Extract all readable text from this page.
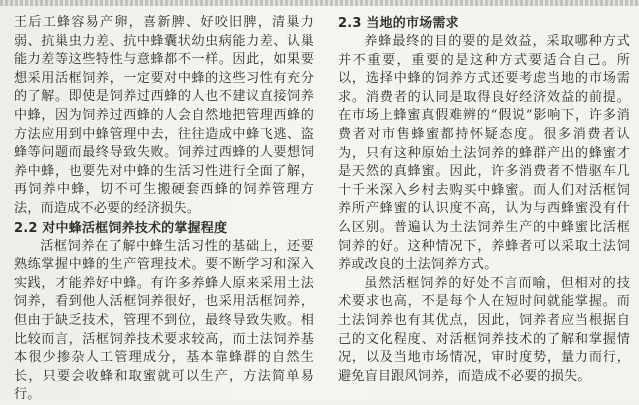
王后工蜂容易产卵，喜新脾、好咬旧脾，清巢力弱、抗巢虫力差、抗中蜂囊状幼虫病能力差、认巢能力差等这些特性与意蜂都不一样。因此，如果要想采用活框饲养，一定要对中蜂的这些习性有充分的了解。即使是饲养过西蜂的人也不建议直接饲养中蜂，因为饲养过西蜂的人会自然地把管理西蜂的方法应用到中蜂管理中去，往往造成中蜂飞逃、盗蜂等问题而最终导致失败。饲养过西蜂的人要想饲养中蜂，也要先对中蜂的生活习性进行全面了解，再饲养中蜂，切不可生搬硬套西蜂的饲养管理方法，而造成不必要的经济损失。

2.2 对中蜂活框饲养技术的掌握程度

活框饲养在了解中蜂生活习性的基础上，还要熟练掌握中蜂的生产管理技术。要不断学习和深入实践，才能养好中蜂。有许多养蜂人原来采用土法饲养，看到他人活框饲养很好，也采用活框饲养，但由于缺乏技术，管理不到位，最终导致失败。相比较而言，活框饲养技术要求较高，而土法饲养基本很少掺杂人工管理成分，基本靠蜂群的自然生长，只要会收蜂和取蜜就可以生产，方法简单易行。

2.3 当地的市场需求

养蜂最终的目的要的是效益，采取哪种方式并不重要，重要的是这种方式要适合自己。所以，选择中蜂的饲养方式还要考虑当地的市场需求。消费者的认同是取得良好经济效益的前提。在市场上蜂蜜真假难辨的“假说”影响下，许多消费者对市售蜂蜜都持怀疑态度。很多消费者认为，只有这种原始土法饲养的蜂群产出的蜂蜜才是天然的真蜂蜜。因此，许多消费者不惜驱车几十千米深入乡村去购买中蜂蜜。而人们对活框饲养所产蜂蜜的认识度不高，认为与西蜂蜜没有什么区别。普遍认为土法饲养生产的中蜂蜜比活框饲养的好。这种情况下，养蜂者可以采取土法饲养或改良的土法饲养方式。

虽然活框饲养的好处不言而喻，但相对的技术要求也高，不是每个人在短时间就能掌握。而土法饲养也有其优点，因此，饲养者应当根据自己的文化程度、对活框饲养技术的了解和掌握情况，以及当地市场情况，审时度势，量力而行，避免盲目跟风饲养，而造成不必要的损失。
